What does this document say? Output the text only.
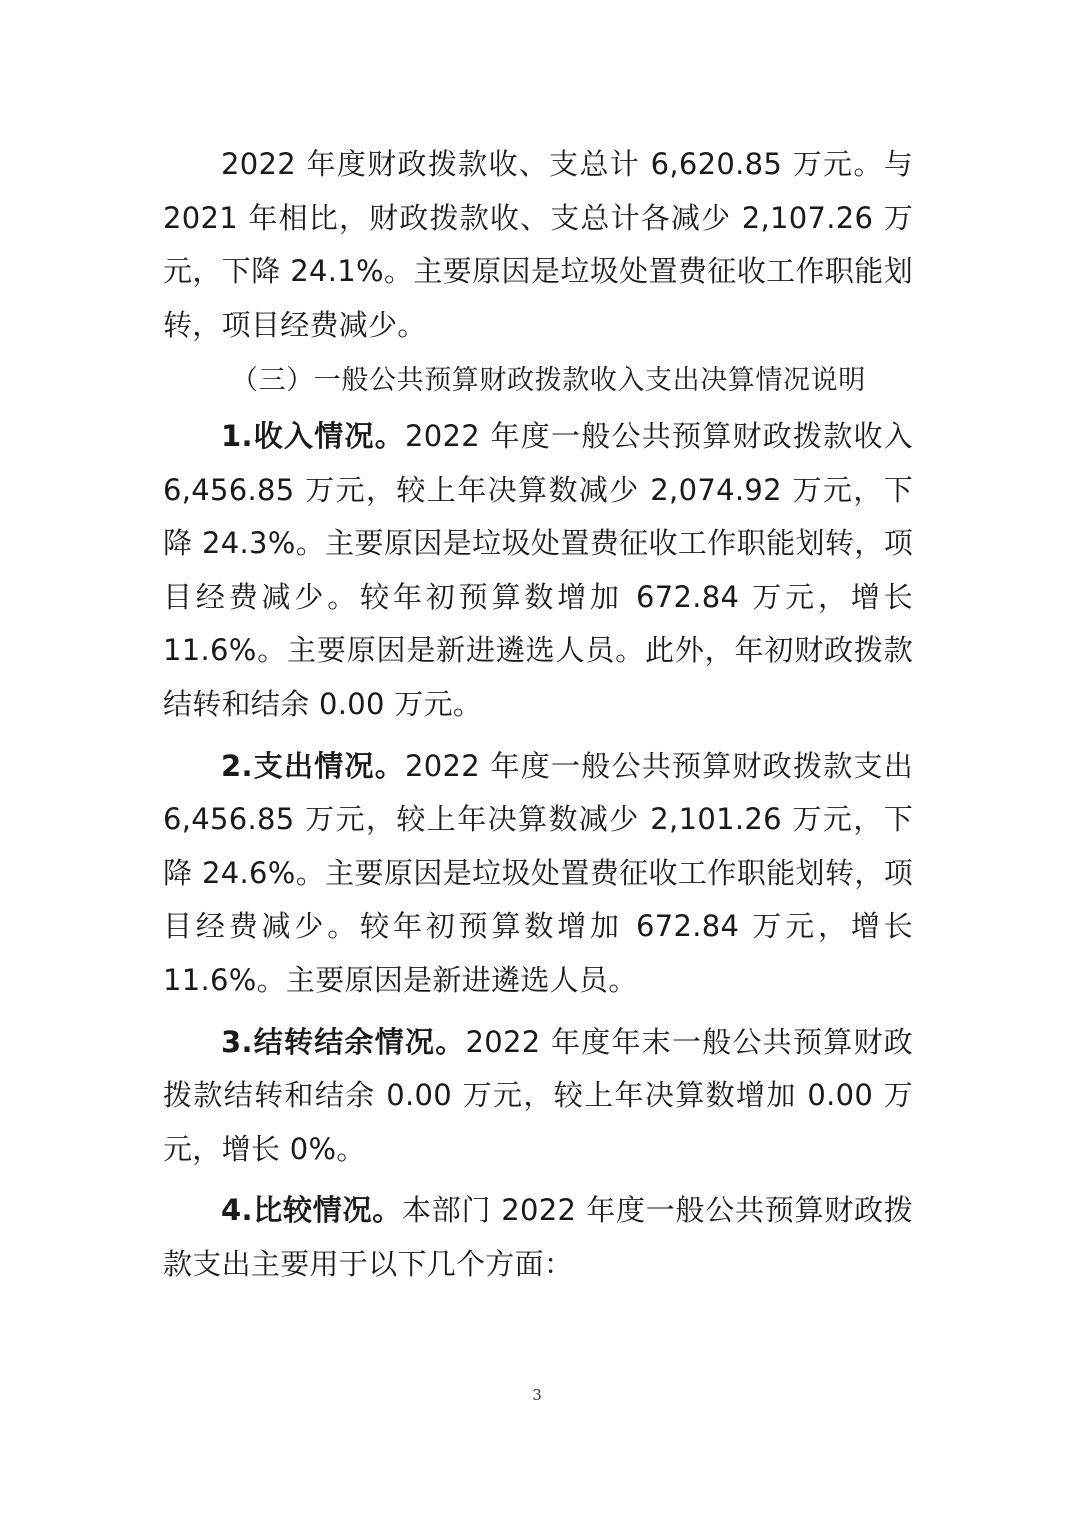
2022 年度财政拨款收、支总计 6,620.85 万元。与 2021 年相比，财政拨款收、支总计各减少 2,107.26 万元，下降 24.1%。主要原因是垃圾处置费征收工作职能划转，项目经费减少。

（三）一般公共预算财政拨款收入支出决算情况说明

1.收入情况。2022 年度一般公共预算财政拨款收入 6,456.85 万元，较上年决算数减少 2,074.92 万元，下降 24.3%。主要原因是垃圾处置费征收工作职能划转，项目经费减少。较年初预算数增加 672.84 万元，增长 11.6%。主要原因是新进遴选人员。此外，年初财政拨款结转和结余 0.00 万元。

2.支出情况。2022 年度一般公共预算财政拨款支出 6,456.85 万元，较上年决算数减少 2,101.26 万元，下降 24.6%。主要原因是垃圾处置费征收工作职能划转，项目经费减少。较年初预算数增加 672.84 万元，增长 11.6%。主要原因是新进遴选人员。

3.结转结余情况。2022 年度年末一般公共预算财政拨款结转和结余 0.00 万元，较上年决算数增加 0.00 万元，增长 0%。

4.比较情况。本部门 2022 年度一般公共预算财政拨款支出主要用于以下几个方面：

3
